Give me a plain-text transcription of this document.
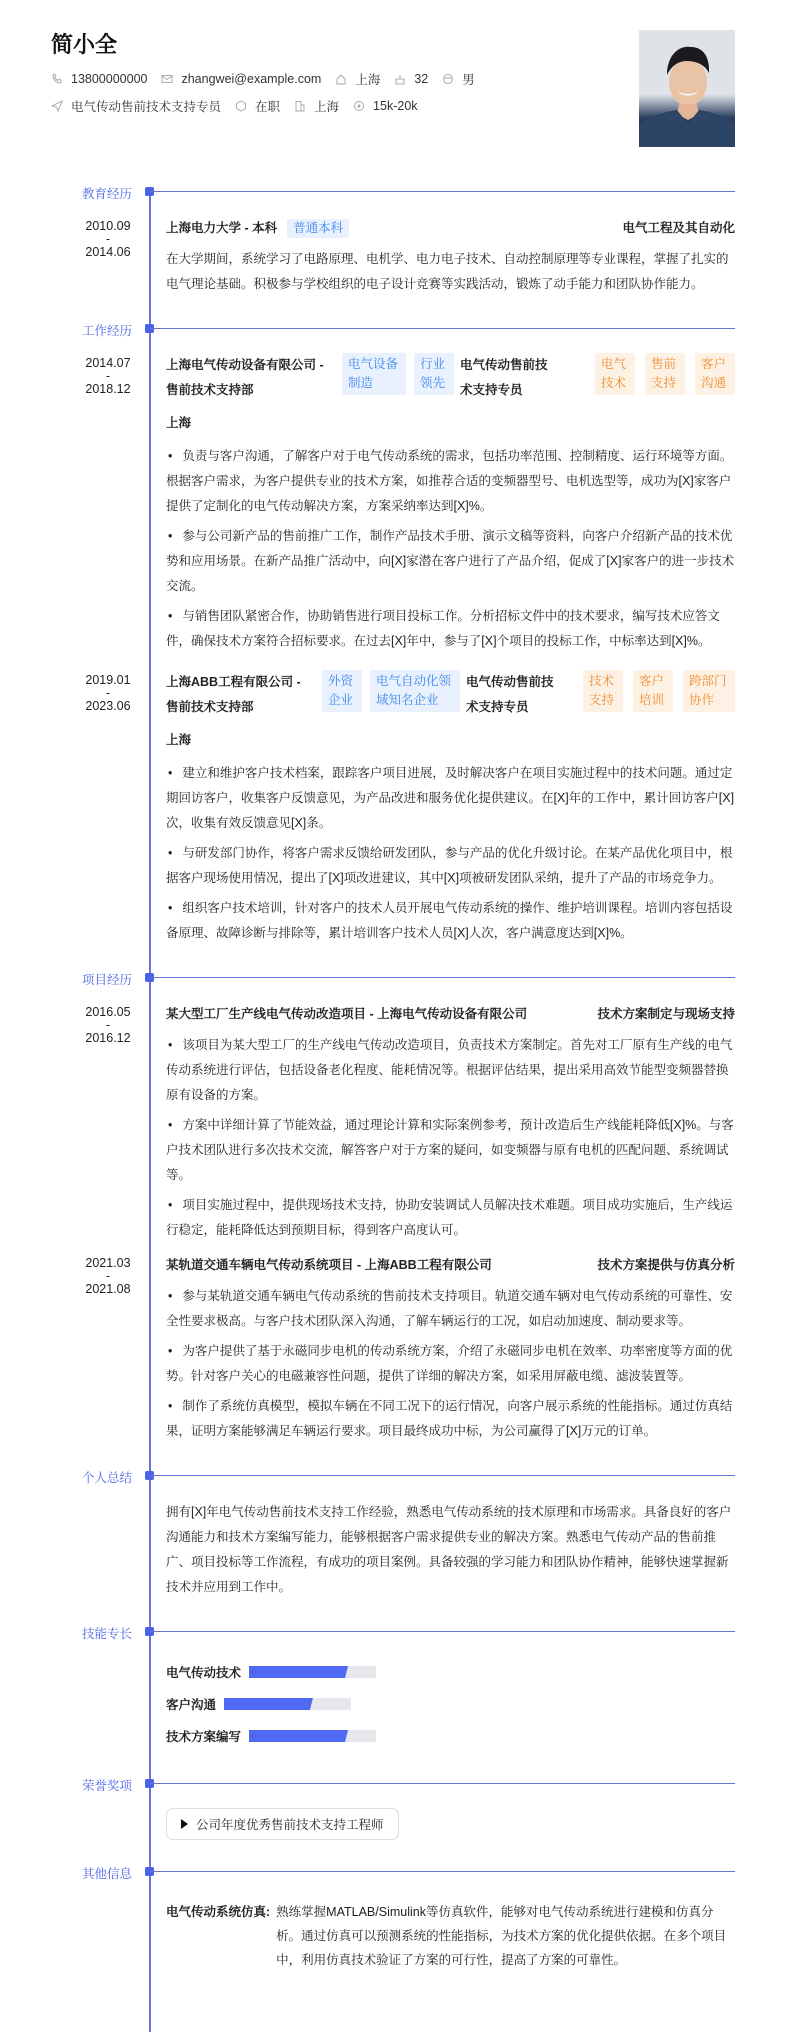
简小全
13800000000	zhangwei@example.com	上海	32	男
电气传动售前技术支持专员	在职	上海	15k-20k
教育经历
2010.09
-
2014.06
上海电力大学 - 本科	普通本科	电气工程及其自动化
在大学期间，系统学习了电路原理、电机学、电力电子技术、自动控制原理等专业课程，掌握了扎实的电气理论基础。积极参与学校组织的电子设计竞赛等实践活动，锻炼了动手能力和团队协作能力。
工作经历
2014.07
-
2018.12
上海电气传动设备有限公司 - 售前技术支持部
电气设备制造
行业领先
电气传动售前技术支持专员
电气技术
售前支持
客户沟通
上海
• 负责与客户沟通，了解客户对于电气传动系统的需求，包括功率范围、控制精度、运行环境等方面。根据客户需求，为客户提供专业的技术方案，如推荐合适的变频器型号、电机选型等，成功为[X]家客户提供了定制化的电气传动解决方案，方案采纳率达到[X]%。
• 参与公司新产品的售前推广工作，制作产品技术手册、演示文稿等资料，向客户介绍新产品的技术优势和应用场景。在新产品推广活动中，向[X]家潜在客户进行了产品介绍，促成了[X]家客户的进一步技术交流。
• 与销售团队紧密合作，协助销售进行项目投标工作。分析招标文件中的技术要求，编写技术应答文件，确保技术方案符合招标要求。在过去[X]年中，参与了[X]个项目的投标工作，中标率达到[X]%。
2019.01
-
2023.06
上海ABB工程有限公司 - 售前技术支持部
外资企业
电气自动化领域知名企业
电气传动售前技术支持专员
技术支持
客户培训
跨部门协作
上海
• 建立和维护客户技术档案，跟踪客户项目进展，及时解决客户在项目实施过程中的技术问题。通过定期回访客户，收集客户反馈意见，为产品改进和服务优化提供建议。在[X]年的工作中，累计回访客户[X]次，收集有效反馈意见[X]条。
• 与研发部门协作，将客户需求反馈给研发团队，参与产品的优化升级讨论。在某产品优化项目中，根据客户现场使用情况，提出了[X]项改进建议，其中[X]项被研发团队采纳，提升了产品的市场竞争力。
• 组织客户技术培训，针对客户的技术人员开展电气传动系统的操作、维护培训课程。培训内容包括设备原理、故障诊断与排除等，累计培训客户技术人员[X]人次，客户满意度达到[X]%。
项目经历
2016.05
-
2016.12
某大型工厂生产线电气传动改造项目 - 上海电气传动设备有限公司	技术方案制定与现场支持
• 该项目为某大型工厂的生产线电气传动改造项目，负责技术方案制定。首先对工厂原有生产线的电气传动系统进行评估，包括设备老化程度、能耗情况等。根据评估结果，提出采用高效节能型变频器替换原有设备的方案。
• 方案中详细计算了节能效益，通过理论计算和实际案例参考，预计改造后生产线能耗降低[X]%。与客户技术团队进行多次技术交流，解答客户对于方案的疑问，如变频器与原有电机的匹配问题、系统调试等。
• 项目实施过程中，提供现场技术支持，协助安装调试人员解决技术难题。项目成功实施后，生产线运行稳定，能耗降低达到预期目标，得到客户高度认可。
2021.03
-
2021.08
某轨道交通车辆电气传动系统项目 - 上海ABB工程有限公司	技术方案提供与仿真分析
• 参与某轨道交通车辆电气传动系统的售前技术支持项目。轨道交通车辆对电气传动系统的可靠性、安全性要求极高。与客户技术团队深入沟通，了解车辆运行的工况，如启动加速度、制动要求等。
• 为客户提供了基于永磁同步电机的传动系统方案，介绍了永磁同步电机在效率、功率密度等方面的优势。针对客户关心的电磁兼容性问题，提供了详细的解决方案，如采用屏蔽电缆、滤波装置等。
• 制作了系统仿真模型，模拟车辆在不同工况下的运行情况，向客户展示系统的性能指标。通过仿真结果，证明方案能够满足车辆运行要求。项目最终成功中标，为公司赢得了[X]万元的订单。
个人总结
拥有[X]年电气传动售前技术支持工作经验，熟悉电气传动系统的技术原理和市场需求。具备良好的客户沟通能力和技术方案编写能力，能够根据客户需求提供专业的解决方案。熟悉电气传动产品的售前推广、项目投标等工作流程，有成功的项目案例。具备较强的学习能力和团队协作精神，能够快速掌握新技术并应用到工作中。
技能专长
电气传动技术
客户沟通
技术方案编写
荣誉奖项
公司年度优秀售前技术支持工程师
其他信息
电气传动系统仿真: 熟练掌握MATLAB/Simulink等仿真软件，能够对电气传动系统进行建模和仿真分析。通过仿真可以预测系统的性能指标，为技术方案的优化提供依据。在多个项目中，利用仿真技术验证了方案的可行性，提高了方案的可靠性。
